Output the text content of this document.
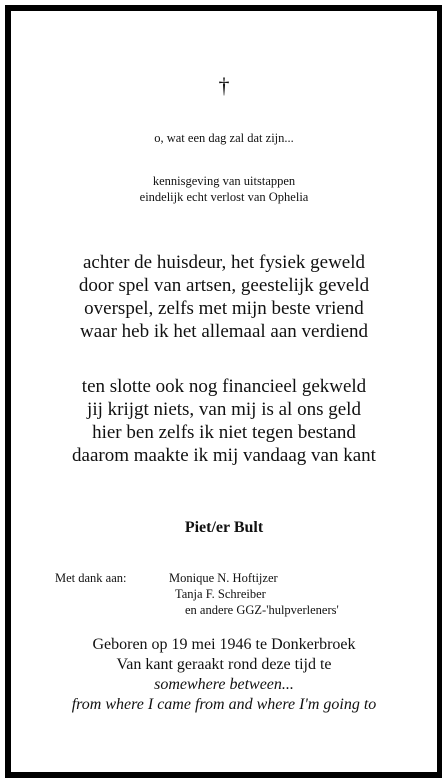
†
o, wat een dag zal dat zijn...
kennisgeving van uitstappen
eindelijk echt verlost van Ophelia
achter de huisdeur, het fysiek geweld
door spel van artsen, geestelijk geveld
overspel, zelfs met mijn beste vriend
waar heb ik het allemaal aan verdiend
ten slotte ook nog financieel gekweld
jij krijgt niets, van mij is al ons geld
hier ben zelfs ik niet tegen bestand
daarom maakte ik mij vandaag van kant
Piet/er Bult
Met dank aan:	Monique N. Hoftijzer
Tanja F. Schreiber
en andere GGZ-'hulpverleners'
Geboren op 19 mei 1946 te Donkerbroek
Van kant geraakt rond deze tijd te
somewhere between...
from where I came from and where I'm going to
